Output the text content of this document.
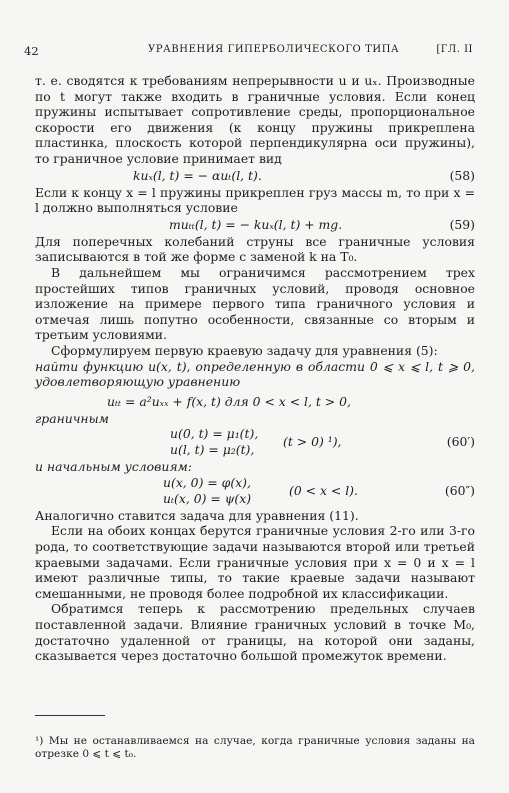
42	УРАВНЕНИЯ ГИПЕРБОЛИЧЕСКОГО ТИПА	[ГЛ. II

т. е. сводятся к требованиям непрерывности u и uₓ. Производные по t могут также входить в граничные условия. Если конец пружины испытывает сопротивление среды, пропорциональное скорости его движения (к концу пружины прикреплена пластинка, плоскость которой перпендикулярна оси пружины), то граничное условие принимает вид

kuₓ(l, t) = − αuₜ(l, t).	(58)

Если к концу x = l пружины прикреплен груз массы m, то при x = l должно выполняться условие

muₜₜ(l, t) = − kuₓ(l, t) + mg.	(59)

Для поперечных колебаний струны все граничные условия записываются в той же форме с заменой k на T₀.

В дальнейшем мы ограничимся рассмотрением трех простейших типов граничных условий, проводя основное изложение на примере первого типа граничного условия и отмечая лишь попутно особенности, связанные со вторым и третьим условиями.

Сформулируем первую краевую задачу для уравнения (5):

найти функцию u(x, t), определенную в области 0 ⩽ x ⩽ l, t ⩾ 0, удовлетворяющую уравнению

uₜₜ = a²uₓₓ + f(x, t) для 0 < x < l, t > 0,

граничным

u(0, t) = μ₁(t),
u(l, t) = μ₂(t),
(t > 0) ¹),	(60′)

и начальным условиям:

u(x, 0) = φ(x),
uₜ(x, 0) = ψ(x)
(0 < x < l).	(60″)

Аналогично ставится задача для уравнения (11).

Если на обоих концах берутся граничные условия 2-го или 3-го рода, то соответствующие задачи называются второй или третьей краевыми задачами. Если граничные условия при x = 0 и x = l имеют различные типы, то такие краевые задачи называют смешанными, не проводя более подробной их классификации.

Обратимся теперь к рассмотрению предельных случаев поставленной задачи. Влияние граничных условий в точке M₀, достаточно удаленной от границы, на которой они заданы, сказывается через достаточно большой промежуток времени.

¹) Мы не останавливаемся на случае, когда граничные условия заданы на отрезке 0 ⩽ t ⩽ t₀.
